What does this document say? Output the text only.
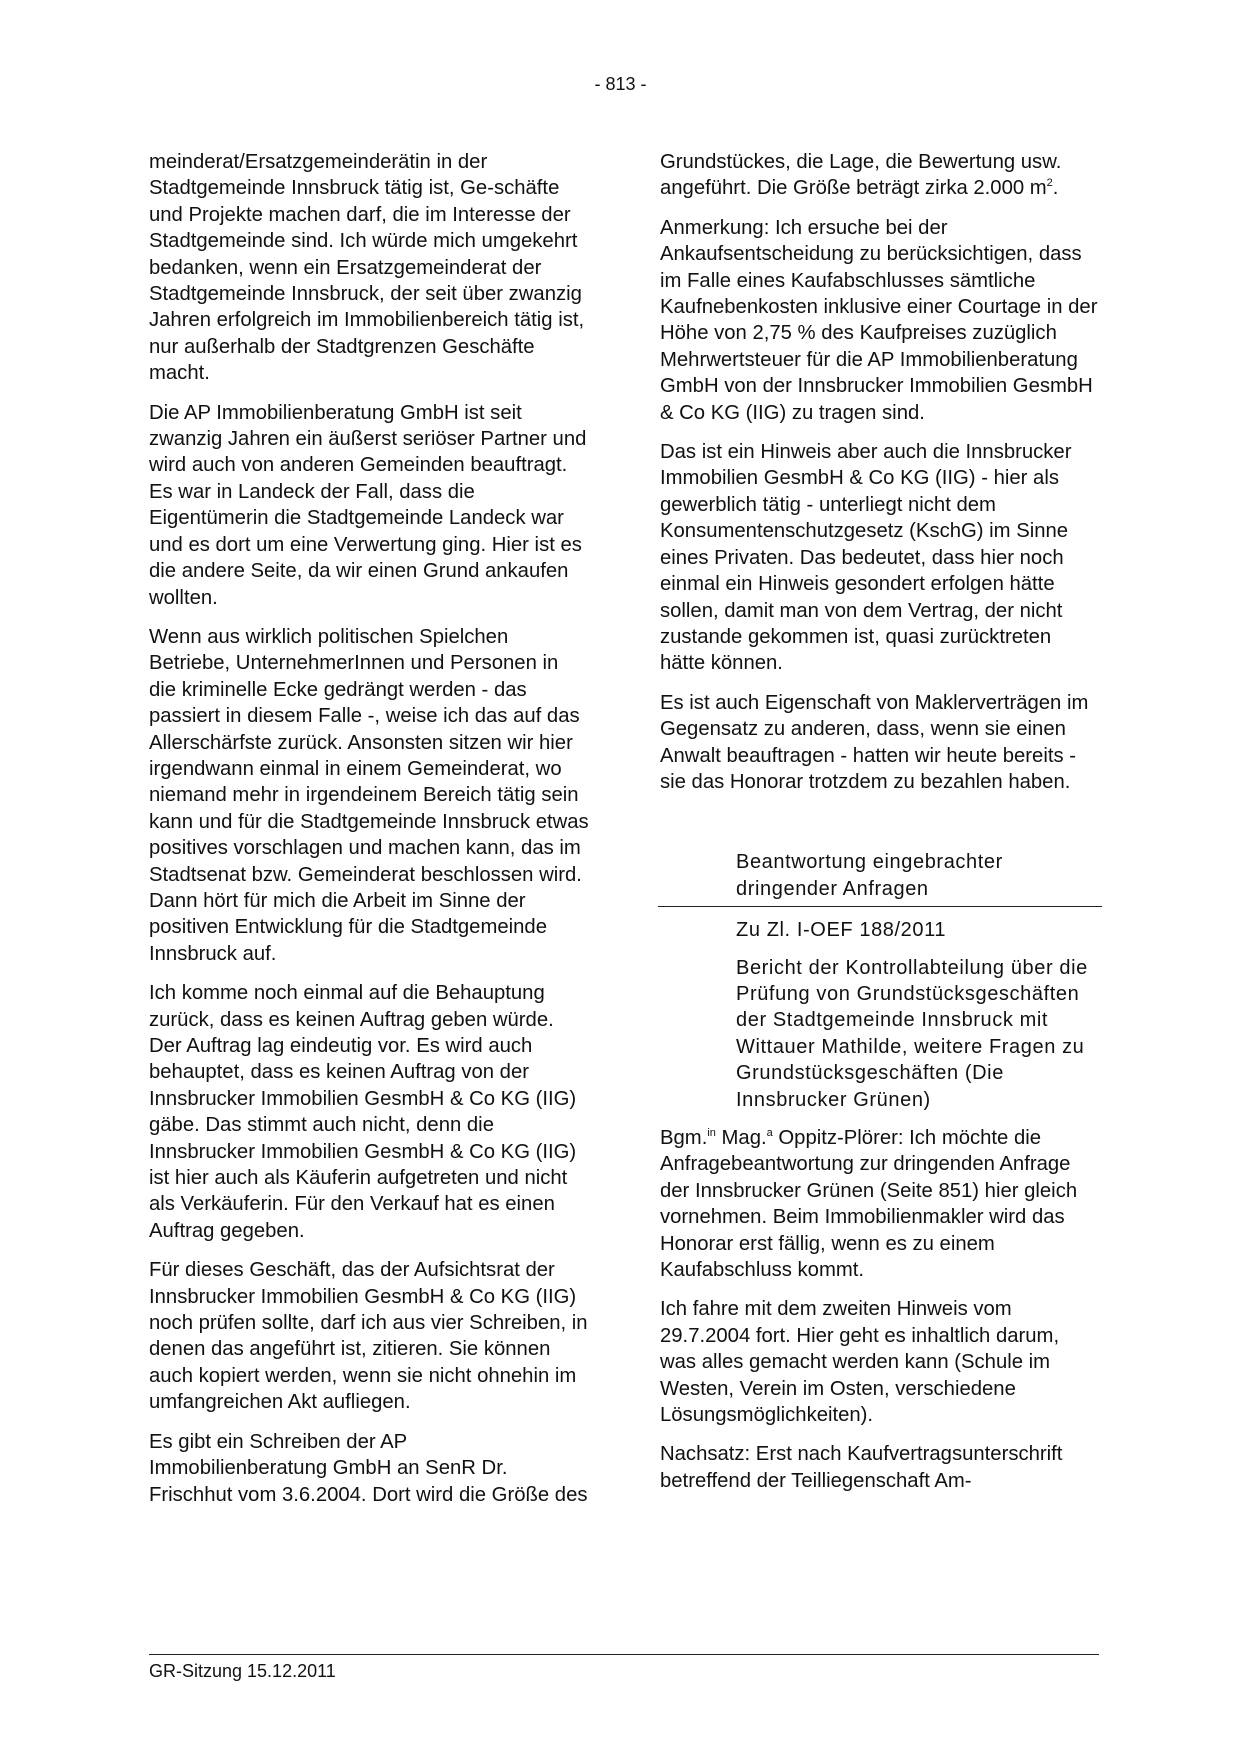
- 813 -

meinderat/Ersatzgemeinderätin in der Stadtgemeinde Innsbruck tätig ist, Ge-schäfte und Projekte machen darf, die im Interesse der Stadtgemeinde sind. Ich würde mich umgekehrt bedanken, wenn ein Ersatzgemeinderat der Stadtgemeinde Innsbruck, der seit über zwanzig Jahren erfolgreich im Immobilienbereich tätig ist, nur außerhalb der Stadtgrenzen Geschäfte macht.

Die AP Immobilienberatung GmbH ist seit zwanzig Jahren ein äußerst seriöser Partner und wird auch von anderen Gemeinden beauftragt. Es war in Landeck der Fall, dass die Eigentümerin die Stadtgemeinde Landeck war und es dort um eine Verwertung ging. Hier ist es die andere Seite, da wir einen Grund ankaufen wollten.

Wenn aus wirklich politischen Spielchen Betriebe, UnternehmerInnen und Personen in die kriminelle Ecke gedrängt werden - das passiert in diesem Falle -, weise ich das auf das Allerschärfste zurück. Ansonsten sitzen wir hier irgendwann einmal in einem Gemeinderat, wo niemand mehr in irgendeinem Bereich tätig sein kann und für die Stadtgemeinde Innsbruck etwas positives vorschlagen und machen kann, das im Stadtsenat bzw. Gemeinderat beschlossen wird. Dann hört für mich die Arbeit im Sinne der positiven Entwicklung für die Stadtgemeinde Innsbruck auf.

Ich komme noch einmal auf die Behauptung zurück, dass es keinen Auftrag geben würde. Der Auftrag lag eindeutig vor. Es wird auch behauptet, dass es keinen Auftrag von der Innsbrucker Immobilien GesmbH & Co KG (IIG) gäbe. Das stimmt auch nicht, denn die Innsbrucker Immobilien GesmbH & Co KG (IIG) ist hier auch als Käuferin aufgetreten und nicht als Verkäuferin. Für den Verkauf hat es einen Auftrag gegeben.

Für dieses Geschäft, das der Aufsichtsrat der Innsbrucker Immobilien GesmbH & Co KG (IIG) noch prüfen sollte, darf ich aus vier Schreiben, in denen das angeführt ist, zitieren. Sie können auch kopiert werden, wenn sie nicht ohnehin im umfangreichen Akt aufliegen.

Es gibt ein Schreiben der AP Immobilienberatung GmbH an SenR Dr. Frischhut vom 3.6.2004. Dort wird die Größe des

Grundstückes, die Lage, die Bewertung usw. angeführt. Die Größe beträgt zirka 2.000 $m^2$.

Anmerkung: Ich ersuche bei der Ankaufsentscheidung zu berücksichtigen, dass im Falle eines Kaufabschlusses sämtliche Kaufnebenkosten inklusive einer Courtage in der Höhe von 2,75 % des Kaufpreises zuzüglich Mehrwertsteuer für die AP Immobilienberatung GmbH von der Innsbrucker Immobilien GesmbH & Co KG (IIG) zu tragen sind.

Das ist ein Hinweis aber auch die Innsbrucker Immobilien GesmbH & Co KG (IIG) - hier als gewerblich tätig - unterliegt nicht dem Konsumentenschutzgesetz (KschG) im Sinne eines Privaten. Das bedeutet, dass hier noch einmal ein Hinweis gesondert erfolgen hätte sollen, damit man von dem Vertrag, der nicht zustande gekommen ist, quasi zurücktreten hätte können.

Es ist auch Eigenschaft von Maklerverträgen im Gegensatz zu anderen, dass, wenn sie einen Anwalt beauftragen - hatten wir heute bereits - sie das Honorar trotzdem zu bezahlen haben.

Beantwortung eingebrachter dringender Anfragen
Zu Zl. I-OEF 188/2011
Bericht der Kontrollabteilung über die Prüfung von Grundstücksgeschäften der Stadtgemeinde Innsbruck mit Wittauer Mathilde, weitere Fragen zu Grundstücksgeschäften (Die Innsbrucker Grünen)

Bgm.$^{in}$ Mag.$^a$ Oppitz-Plörer: Ich möchte die Anfragebeantwortung zur dringenden Anfrage der Innsbrucker Grünen (Seite 851) hier gleich vornehmen. Beim Immobilienmakler wird das Honorar erst fällig, wenn es zu einem Kaufabschluss kommt.

Ich fahre mit dem zweiten Hinweis vom 29.7.2004 fort. Hier geht es inhaltlich darum, was alles gemacht werden kann (Schule im Westen, Verein im Osten, verschiedene Lösungsmöglichkeiten).

Nachsatz: Erst nach Kaufvertragsunterschrift betreffend der Teilliegenschaft Am-

GR-Sitzung 15.12.2011
